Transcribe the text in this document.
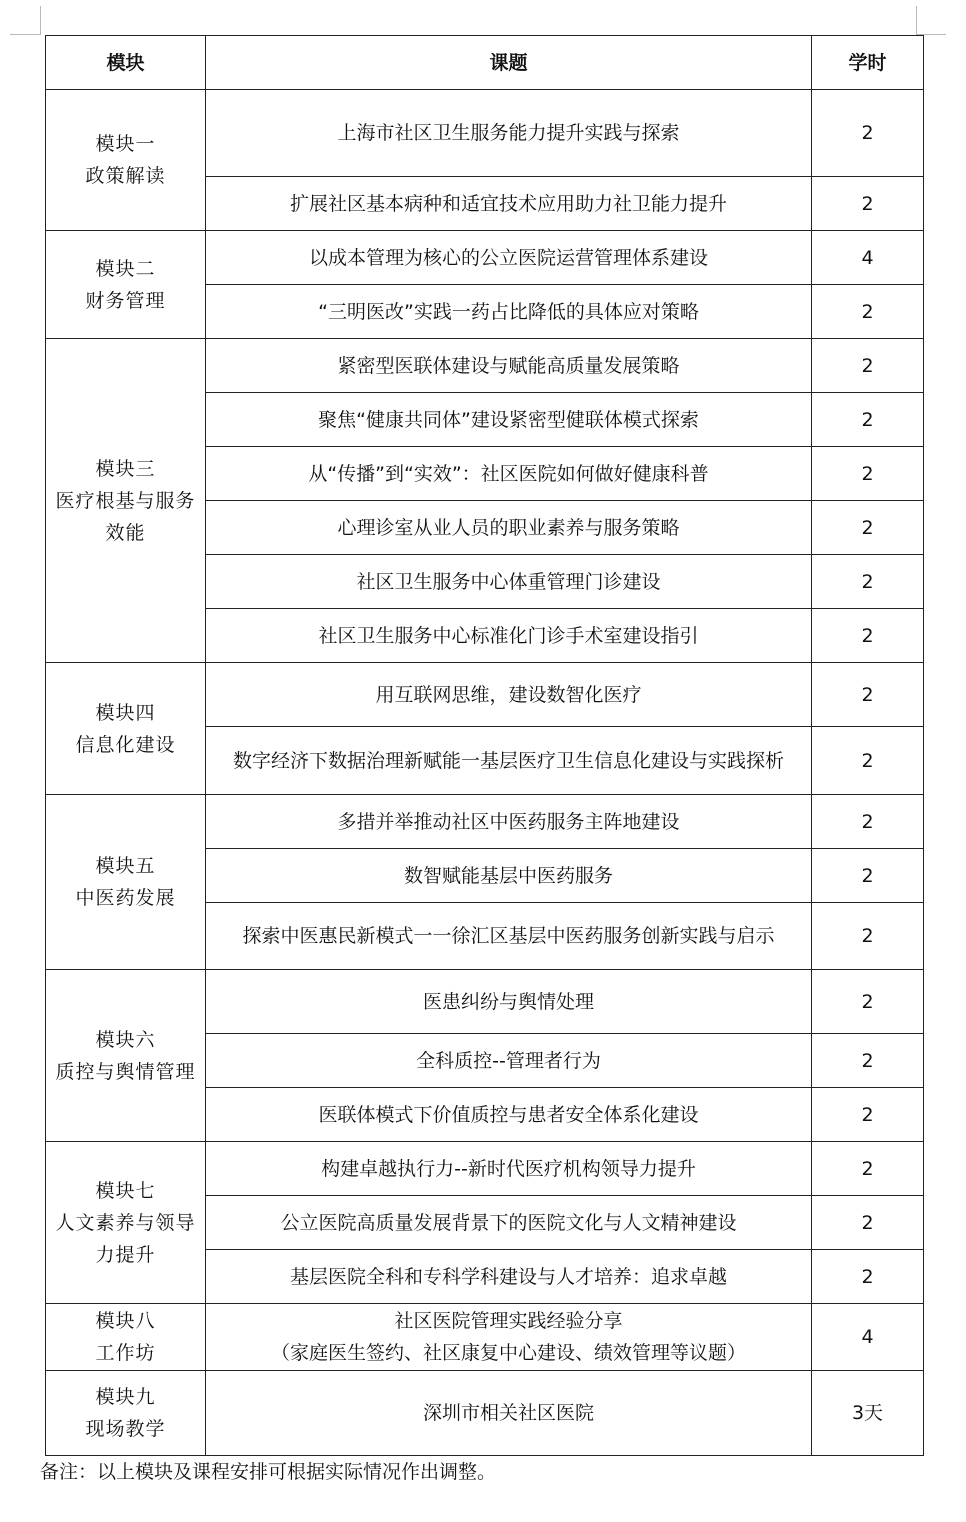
模块	课题	学时

模块一
政策解读	上海市社区卫生服务能力提升实践与探索	2
	扩展社区基本病种和适宜技术应用助力社卫能力提升	2

模块二
财务管理	以成本管理为核心的公立医院运营管理体系建设	4
	“三明医改”实践一药占比降低的具体应对策略	2

模块三
医疗根基与服务效能	紧密型医联体建设与赋能高质量发展策略	2
	聚焦“健康共同体”建设紧密型健联体模式探索	2
	从“传播”到“实效”：社区医院如何做好健康科普	2
	心理诊室从业人员的职业素养与服务策略	2
	社区卫生服务中心体重管理门诊建设	2
	社区卫生服务中心标准化门诊手术室建设指引	2

模块四
信息化建设	用互联网思维，建设数智化医疗	2
	数字经济下数据治理新赋能一基层医疗卫生信息化建设与实践探析	2

模块五
中医药发展	多措并举推动社区中医药服务主阵地建设	2
	数智赋能基层中医药服务	2
	探索中医惠民新模式一一徐汇区基层中医药服务创新实践与启示	2

模块六
质控与舆情管理	医患纠纷与舆情处理	2
	全科质控--管理者行为	2
	医联体模式下价值质控与患者安全体系化建设	2

模块七
人文素养与领导力提升	构建卓越执行力--新时代医疗机构领导力提升	2
	公立医院高质量发展背景下的医院文化与人文精神建设	2
	基层医院全科和专科学科建设与人才培养：追求卓越	2

模块八
工作坊	社区医院管理实践经验分享
（家庭医生签约、社区康复中心建设、绩效管理等议题）	4

模块九
现场教学	深圳市相关社区医院	3天
备注：以上模块及课程安排可根据实际情况作出调整。
